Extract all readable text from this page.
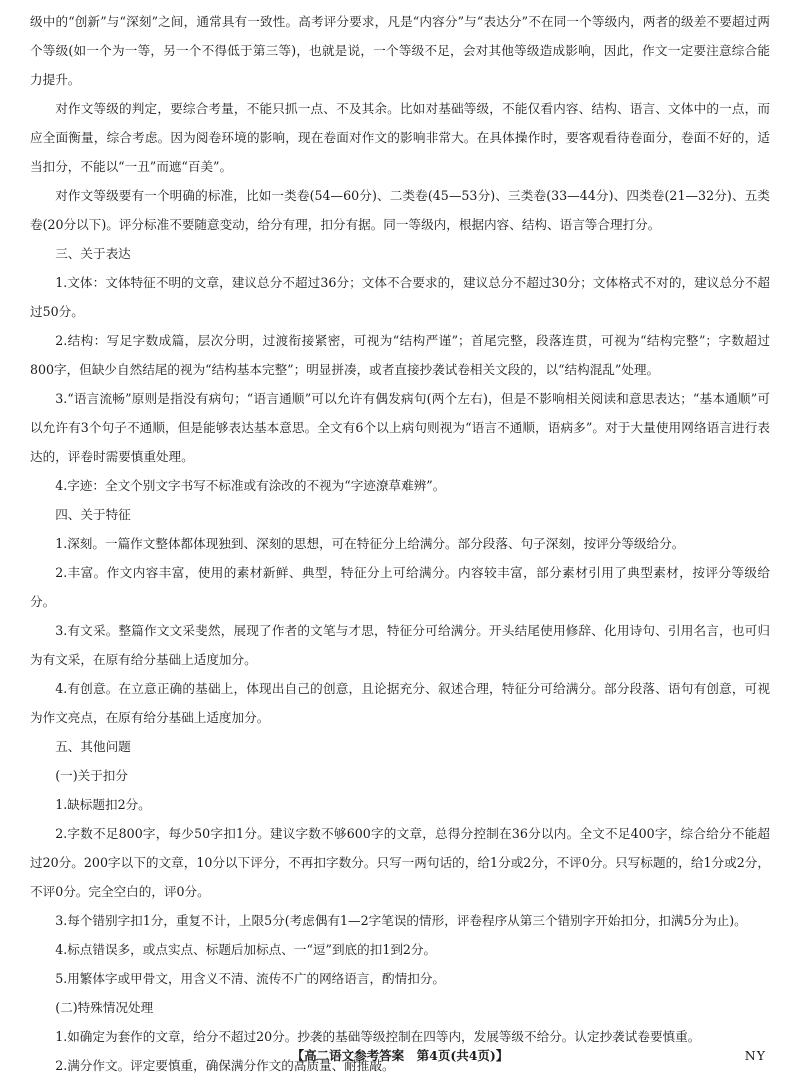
级中的“创新”与“深刻”之间，通常具有一致性。高考评分要求，凡是“内容分”与“表达分”不在同一个等级内，两者的级差不要超过两个等级(如一个为一等，另一个不得低于第三等)，也就是说，一个等级不足，会对其他等级造成影响，因此，作文一定要注意综合能力提升。

对作文等级的判定，要综合考量，不能只抓一点、不及其余。比如对基础等级，不能仅看内容、结构、语言、文体中的一点，而应全面衡量，综合考虑。因为阅卷环境的影响，现在卷面对作文的影响非常大。在具体操作时，要客观看待卷面分，卷面不好的，适当扣分，不能以“一丑”而遮“百美”。

对作文等级要有一个明确的标准，比如一类卷(54—60分)、二类卷(45—53分)、三类卷(33—44分)、四类卷(21—32分)、五类卷(20分以下)。评分标准不要随意变动，给分有理，扣分有据。同一等级内，根据内容、结构、语言等合理打分。

三、关于表达

1.文体：文体特征不明的文章，建议总分不超过36分；文体不合要求的，建议总分不超过30分；文体格式不对的，建议总分不超过50分。

2.结构：写足字数成篇，层次分明，过渡衔接紧密，可视为“结构严谨”；首尾完整，段落连贯，可视为“结构完整”；字数超过800字，但缺少自然结尾的视为“结构基本完整”；明显拼凑，或者直接抄袭试卷相关文段的，以“结构混乱”处理。

3.“语言流畅”原则是指没有病句；“语言通顺”可以允许有偶发病句(两个左右)，但是不影响相关阅读和意思表达；“基本通顺”可以允许有3个句子不通顺，但是能够表达基本意思。全文有6个以上病句则视为“语言不通顺，语病多”。对于大量使用网络语言进行表达的，评卷时需要慎重处理。

4.字迹：全文个别文字书写不标准或有涂改的不视为“字迹潦草难辨”。

四、关于特征

1.深刻。一篇作文整体都体现独到、深刻的思想，可在特征分上给满分。部分段落、句子深刻，按评分等级给分。

2.丰富。作文内容丰富，使用的素材新鲜、典型，特征分上可给满分。内容较丰富，部分素材引用了典型素材，按评分等级给分。

3.有文采。整篇作文文采斐然，展现了作者的文笔与才思，特征分可给满分。开头结尾使用修辞、化用诗句、引用名言，也可归为有文采，在原有给分基础上适度加分。

4.有创意。在立意正确的基础上，体现出自己的创意，且论据充分、叙述合理，特征分可给满分。部分段落、语句有创意，可视为作文亮点，在原有给分基础上适度加分。

五、其他问题

(一)关于扣分

1.缺标题扣2分。

2.字数不足800字，每少50字扣1分。建议字数不够600字的文章，总得分控制在36分以内。全文不足400字，综合给分不能超过20分。200字以下的文章，10分以下评分，不再扣字数分。只写一两句话的，给1分或2分，不评0分。只写标题的，给1分或2分，不评0分。完全空白的，评0分。

3.每个错别字扣1分，重复不计，上限5分(考虑偶有1—2字笔误的情形，评卷程序从第三个错别字开始扣分，扣满5分为止)。

4.标点错误多，或点实点、标题后加标点、一“逗”到底的扣1到2分。

5.用繁体字或甲骨文，用含义不清、流传不广的网络语言，酌情扣分。

(二)特殊情况处理

1.如确定为套作的文章，给分不超过20分。抄袭的基础等级控制在四等内，发展等级不给分。认定抄袭试卷要慎重。

2.满分作文。评定要慎重，确保满分作文的高质量、耐推敲。

【高二语文参考答案　第4页(共4页)】	NY
